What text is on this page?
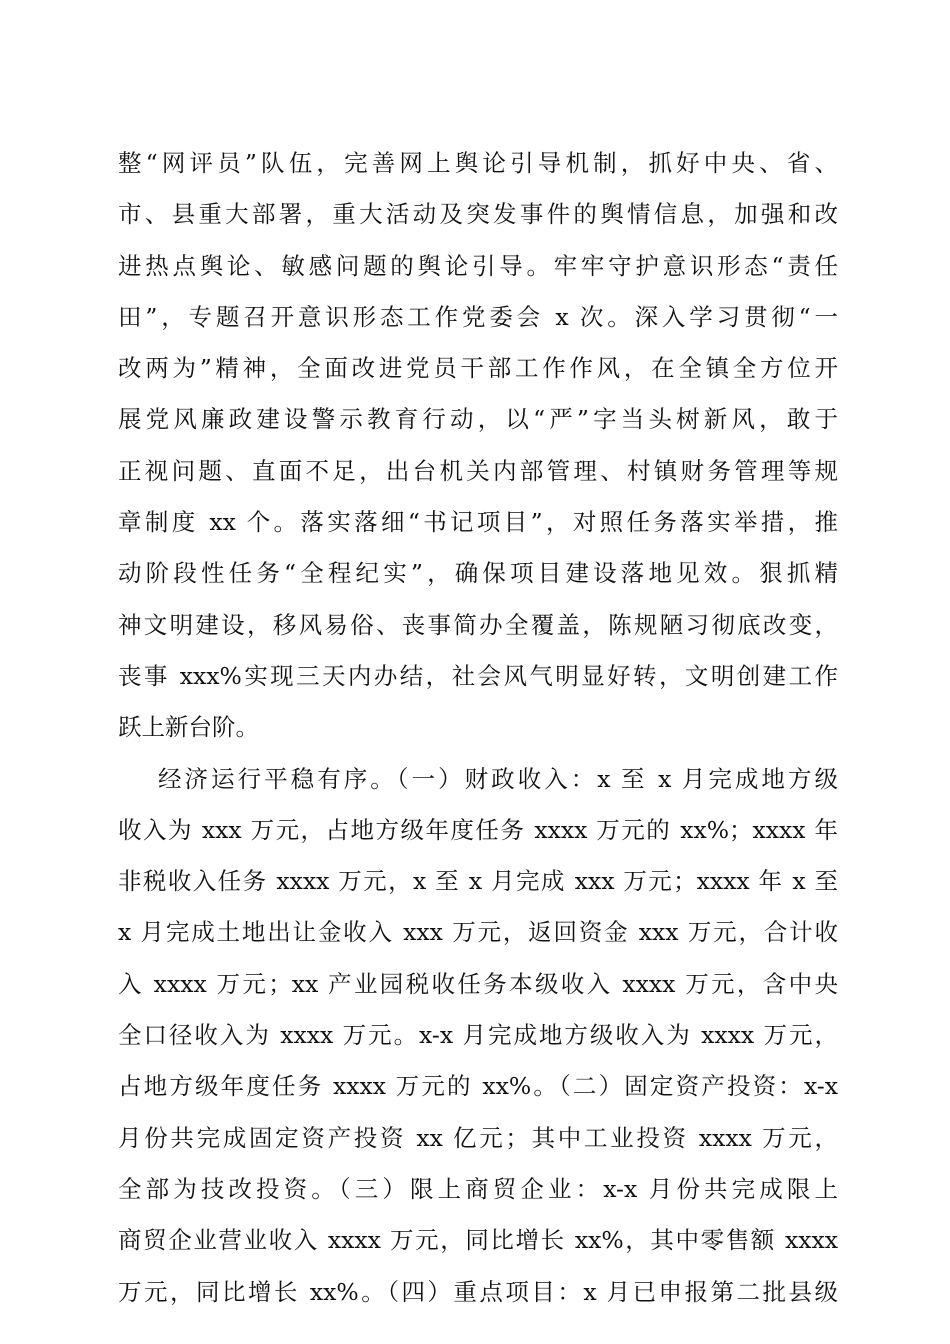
整“网评员”队伍，完善网上舆论引导机制，抓好中央、省、
市、县重大部署，重大活动及突发事件的舆情信息，加强和改
进热点舆论、敏感问题的舆论引导。牢牢守护意识形态“责任
田”，专题召开意识形态工作党委会 x 次。深入学习贯彻“一
改两为”精神，全面改进党员干部工作作风，在全镇全方位开
展党风廉政建设警示教育行动，以“严”字当头树新风，敢于
正视问题、直面不足，出台机关内部管理、村镇财务管理等规
章制度 xx 个。落实落细“书记项目”，对照任务落实举措，推
动阶段性任务“全程纪实”，确保项目建设落地见效。狠抓精
神文明建设，移风易俗、丧事简办全覆盖，陈规陋习彻底改变，
丧事 xxx%实现三天内办结，社会风气明显好转，文明创建工作
跃上新台阶。
经济运行平稳有序。（一）财政收入：x 至 x 月完成地方级
收入为 xxx 万元，占地方级年度任务 xxxx 万元的 xx%；xxxx 年
非税收入任务 xxxx 万元，x 至 x 月完成 xxx 万元；xxxx 年 x 至
x 月完成土地出让金收入 xxx 万元，返回资金 xxx 万元，合计收
入 xxxx 万元；xx 产业园税收任务本级收入 xxxx 万元，含中央
全口径收入为 xxxx 万元。x-x 月完成地方级收入为 xxxx 万元，
占地方级年度任务 xxxx 万元的 xx%。（二）固定资产投资：x-x
月份共完成固定资产投资 xx 亿元；其中工业投资 xxxx 万元，
全部为技改投资。（三）限上商贸企业：x-x 月份共完成限上
商贸企业营业收入 xxxx 万元，同比增长 xx%，其中零售额 xxxx
万元，同比增长 xx%。（四）重点项目：x 月已申报第二批县级
